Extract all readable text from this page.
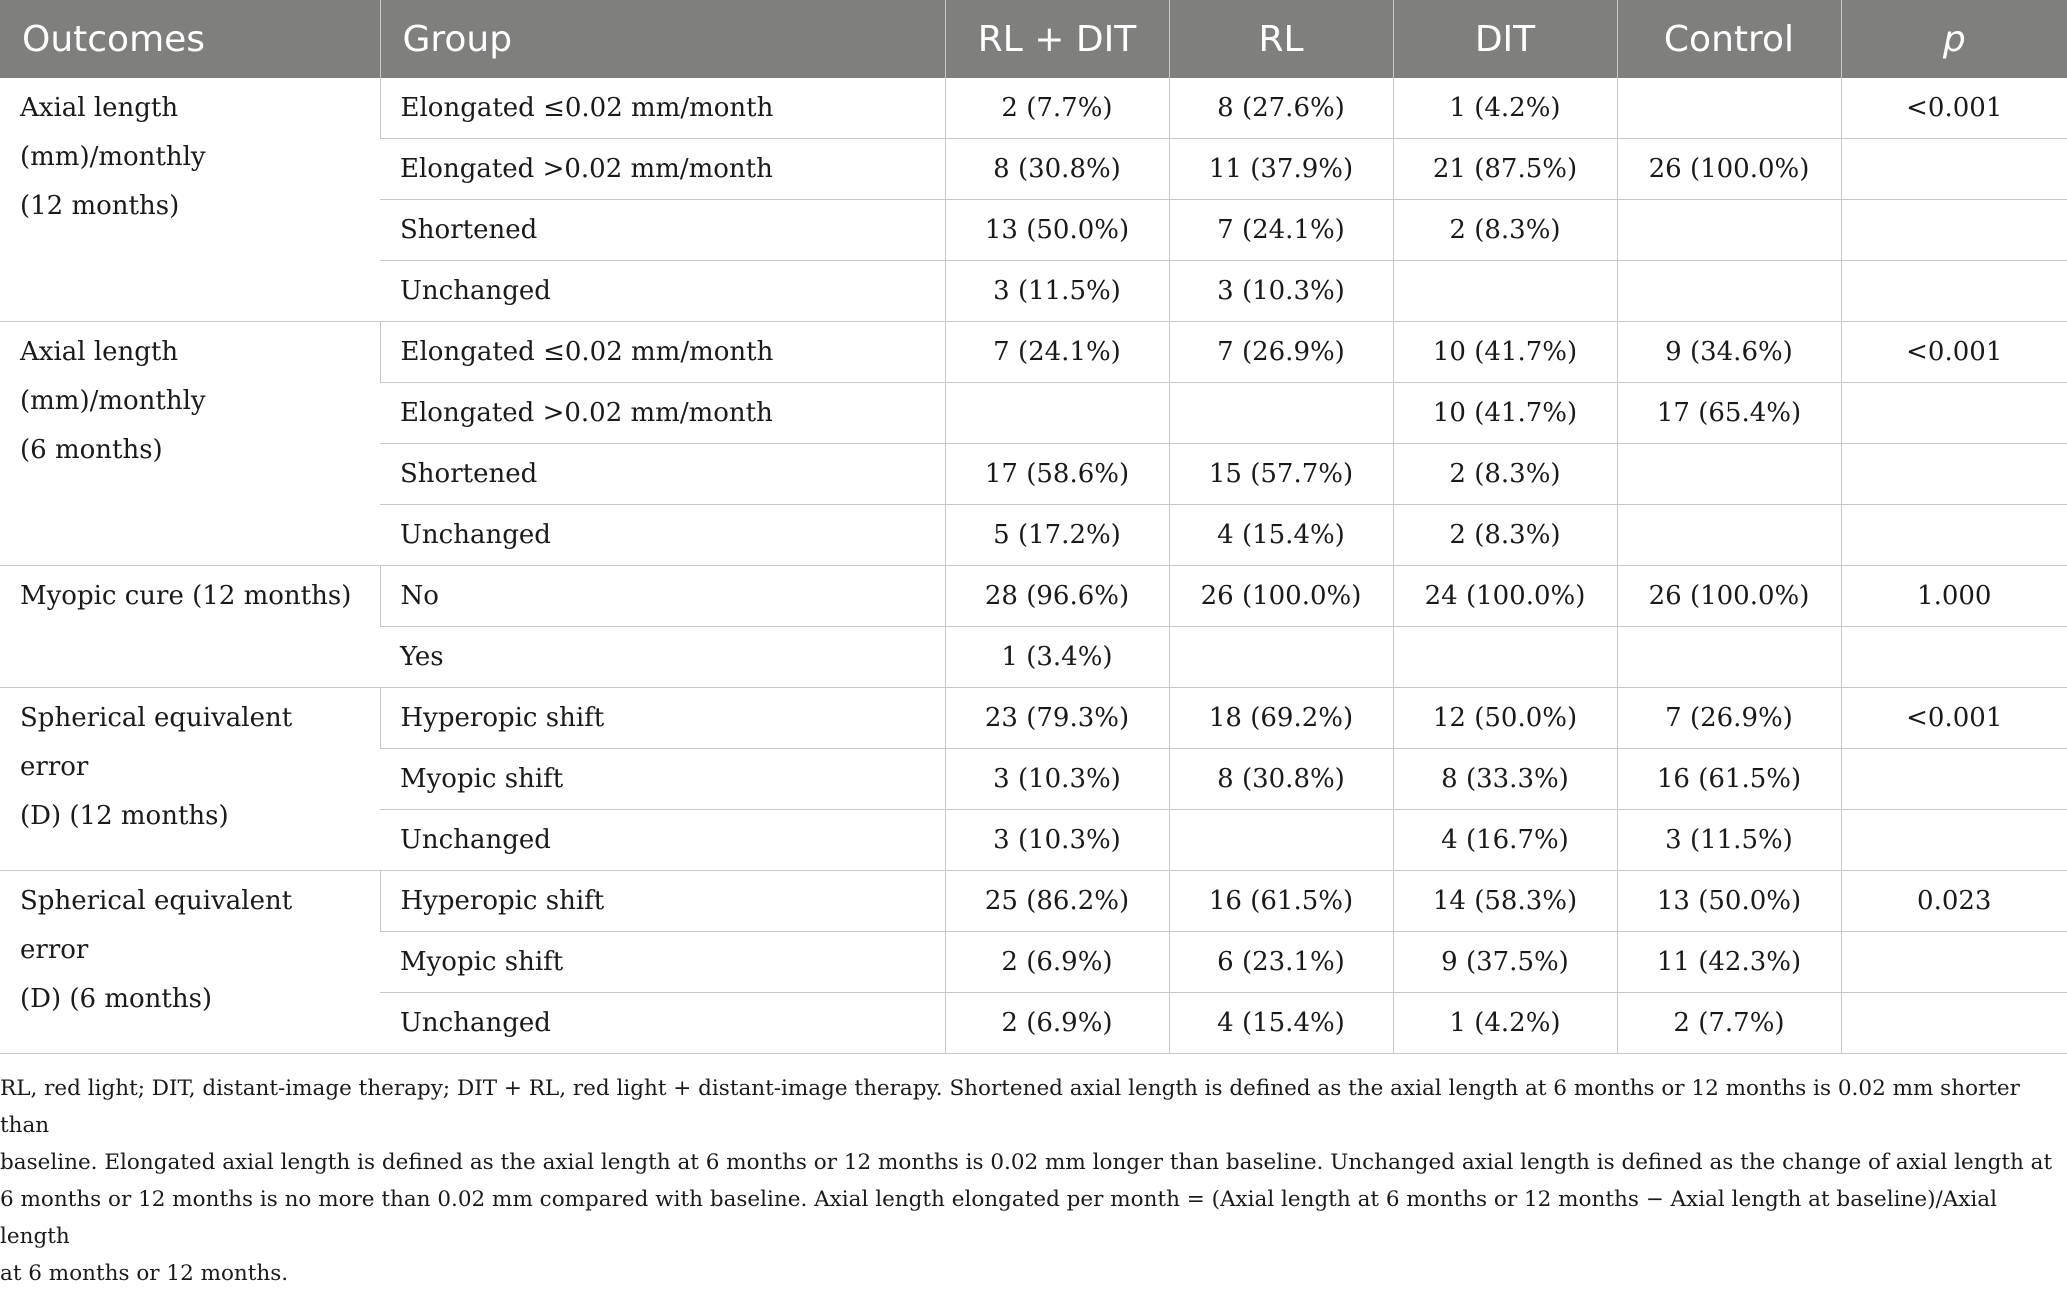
Outcomes	Group	RL + DIT	RL	DIT	Control	p

Axial length (mm)/monthly
(12 months)	Elongated ≤0.02 mm/month	2 (7.7%)	8 (27.6%)	1 (4.2%)		<0.001
	Elongated >0.02 mm/month	8 (30.8%)	11 (37.9%)	21 (87.5%)	26 (100.0%)	
	Shortened	13 (50.0%)	7 (24.1%)	2 (8.3%)		
	Unchanged	3 (11.5%)	3 (10.3%)			

Axial length (mm)/monthly
(6 months)	Elongated ≤0.02 mm/month	7 (24.1%)	7 (26.9%)	10 (41.7%)	9 (34.6%)	<0.001
	Elongated >0.02 mm/month			10 (41.7%)	17 (65.4%)	
	Shortened	17 (58.6%)	15 (57.7%)	2 (8.3%)		
	Unchanged	5 (17.2%)	4 (15.4%)	2 (8.3%)		

Myopic cure (12 months)	No	28 (96.6%)	26 (100.0%)	24 (100.0%)	26 (100.0%)	1.000
	Yes	1 (3.4%)				

Spherical equivalent error
(D) (12 months)	Hyperopic shift	23 (79.3%)	18 (69.2%)	12 (50.0%)	7 (26.9%)	<0.001
	Myopic shift	3 (10.3%)	8 (30.8%)	8 (33.3%)	16 (61.5%)	
	Unchanged	3 (10.3%)		4 (16.7%)	3 (11.5%)	

Spherical equivalent error
(D) (6 months)	Hyperopic shift	25 (86.2%)	16 (61.5%)	14 (58.3%)	13 (50.0%)	0.023
	Myopic shift	2 (6.9%)	6 (23.1%)	9 (37.5%)	11 (42.3%)	
	Unchanged	2 (6.9%)	4 (15.4%)	1 (4.2%)	2 (7.7%)	
RL, red light; DIT, distant-image therapy; DIT + RL, red light + distant-image therapy. Shortened axial length is defined as the axial length at 6 months or 12 months is 0.02 mm shorter than
baseline. Elongated axial length is defined as the axial length at 6 months or 12 months is 0.02 mm longer than baseline. Unchanged axial length is defined as the change of axial length at
6 months or 12 months is no more than 0.02 mm compared with baseline. Axial length elongated per month = (Axial length at 6 months or 12 months − Axial length at baseline)/Axial length
at 6 months or 12 months.
